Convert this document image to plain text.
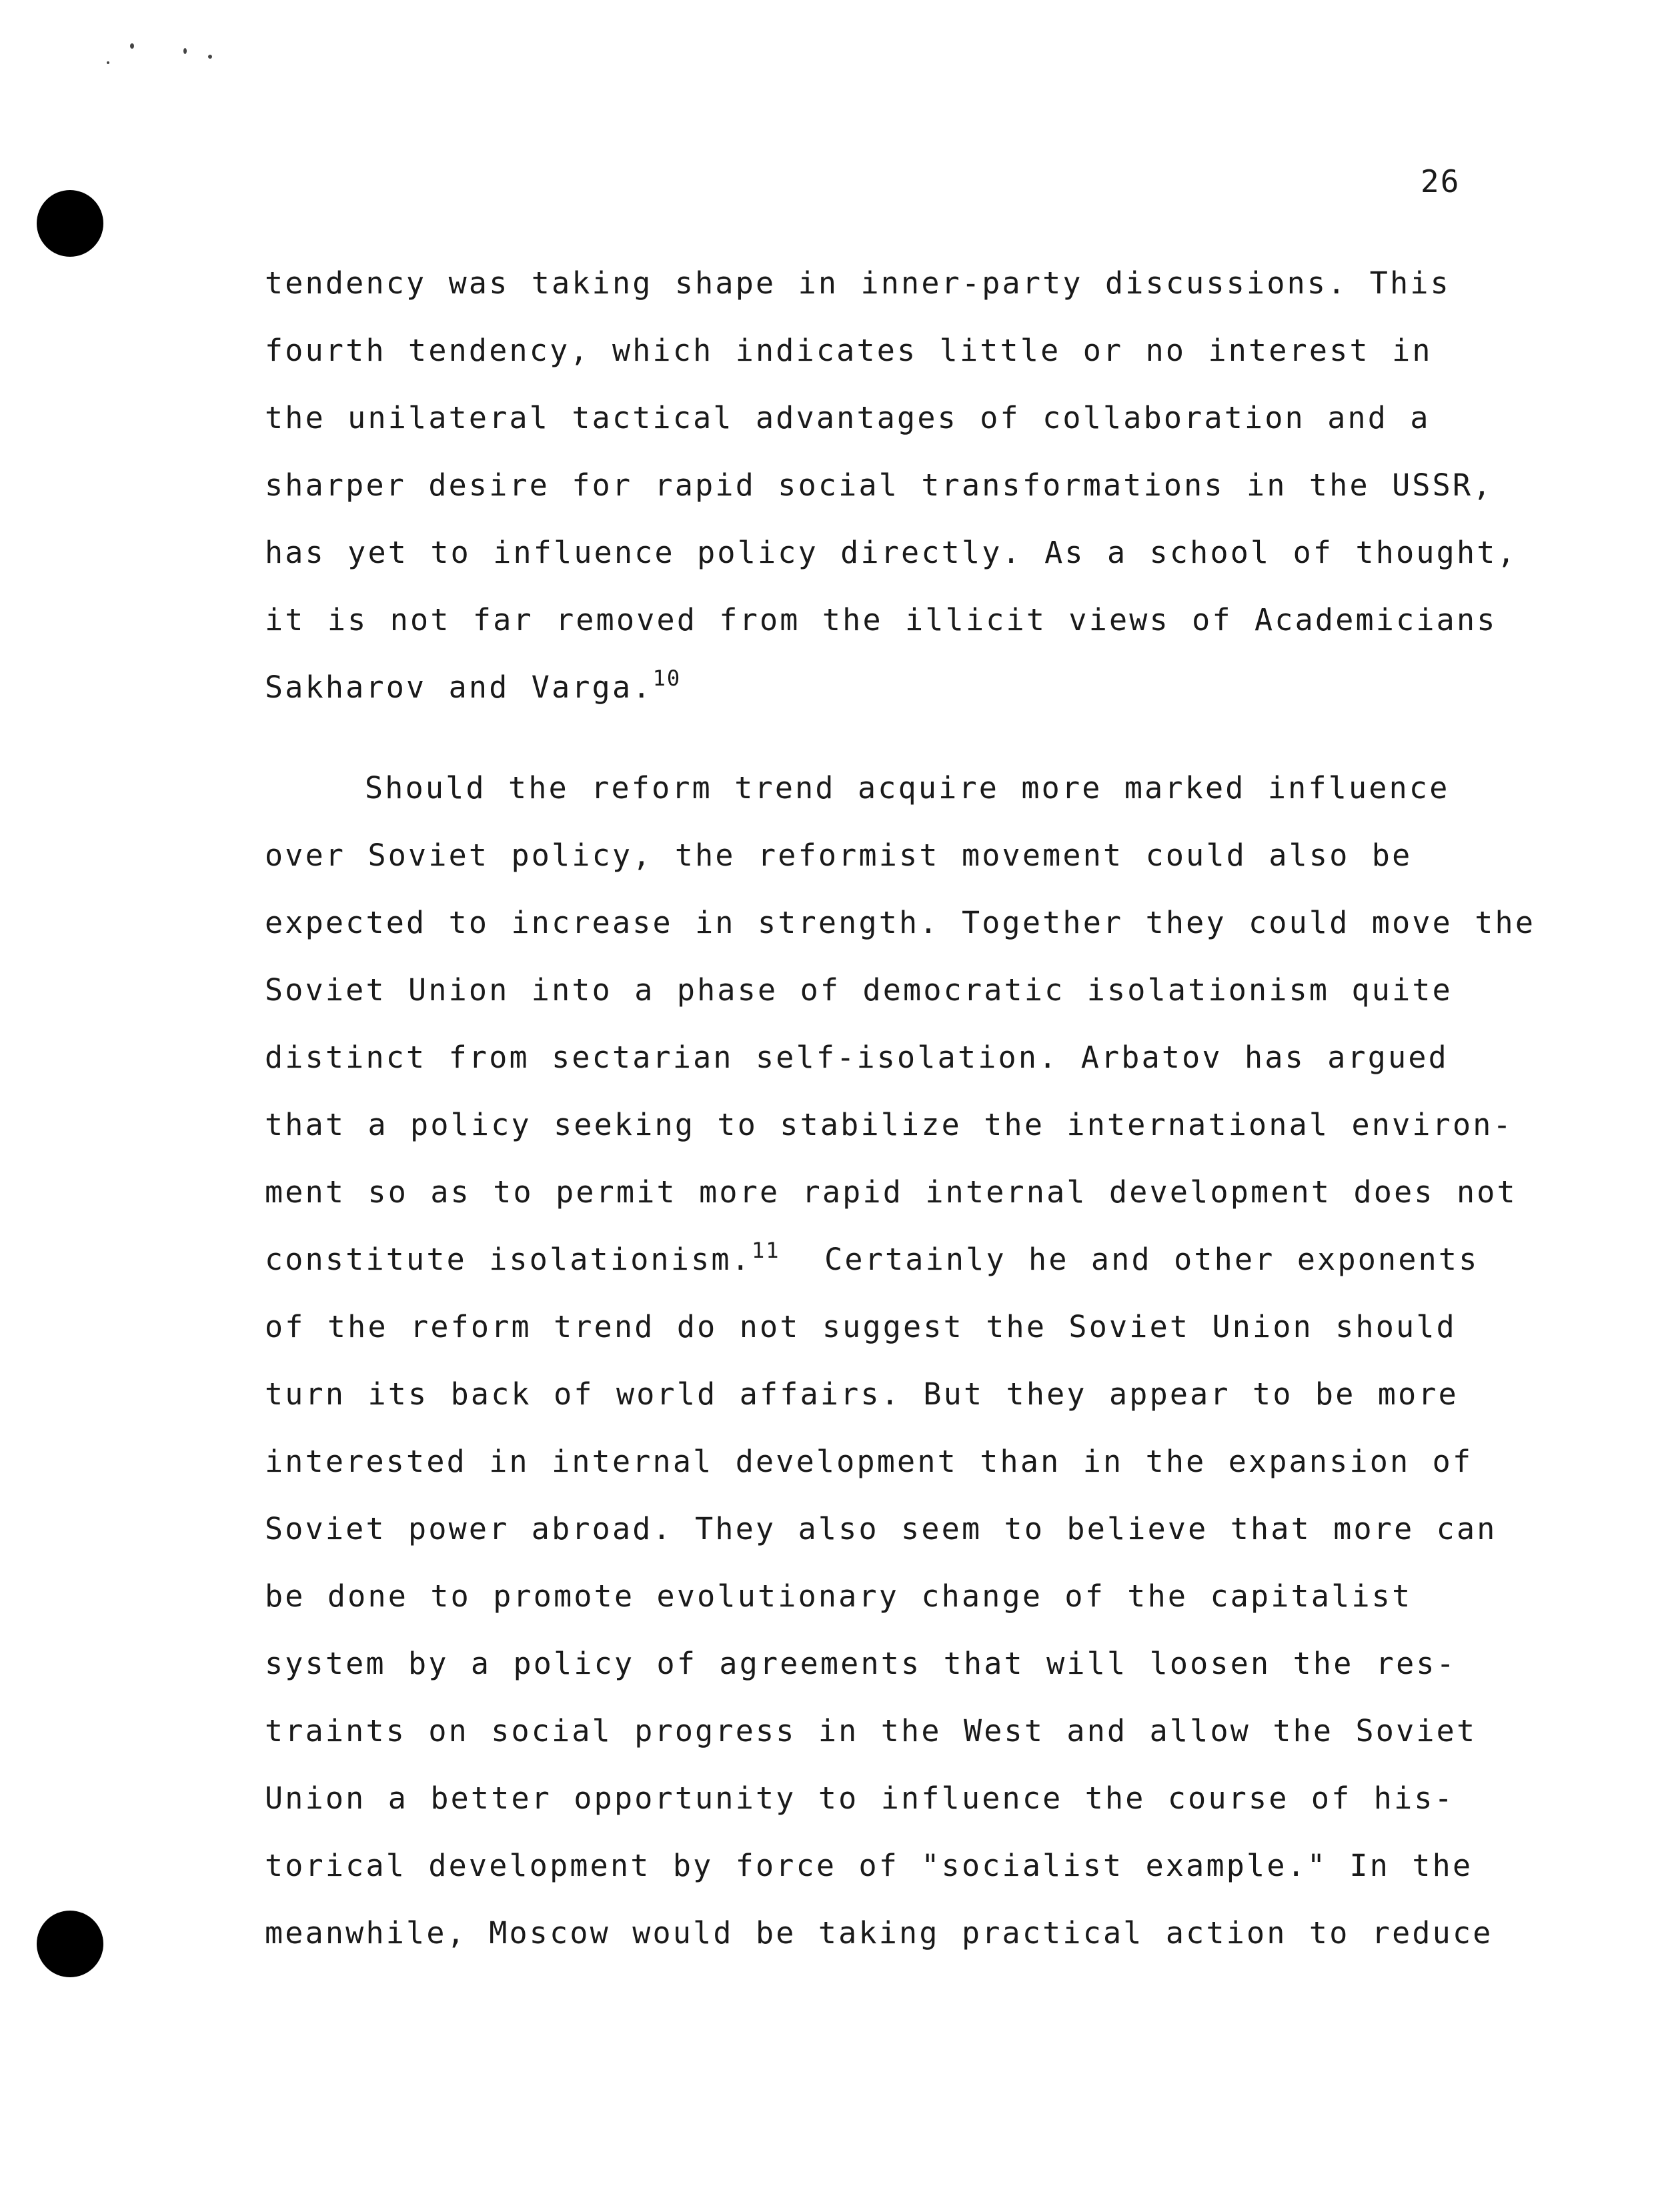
26
tendency was taking shape in inner-party discussions. This
fourth tendency, which indicates little or no interest in
the unilateral tactical advantages of collaboration and a
sharper desire for rapid social transformations in the USSR,
has yet to influence policy directly. As a school of thought,
it is not far removed from the illicit views of Academicians
Sakharov and Varga.$^{10}$
Should the reform trend acquire more marked influence
over Soviet policy, the reformist movement could also be
expected to increase in strength. Together they could move the
Soviet Union into a phase of democratic isolationism quite
distinct from sectarian self-isolation. Arbatov has argued
that a policy seeking to stabilize the international environ-
ment so as to permit more rapid internal development does not
constitute isolationism.$^{11}$  Certainly he and other exponents
of the reform trend do not suggest the Soviet Union should
turn its back of world affairs. But they appear to be more
interested in internal development than in the expansion of
Soviet power abroad. They also seem to believe that more can
be done to promote evolutionary change of the capitalist
system by a policy of agreements that will loosen the res-
traints on social progress in the West and allow the Soviet
Union a better opportunity to influence the course of his-
torical development by force of "socialist example." In the
meanwhile, Moscow would be taking practical action to reduce
